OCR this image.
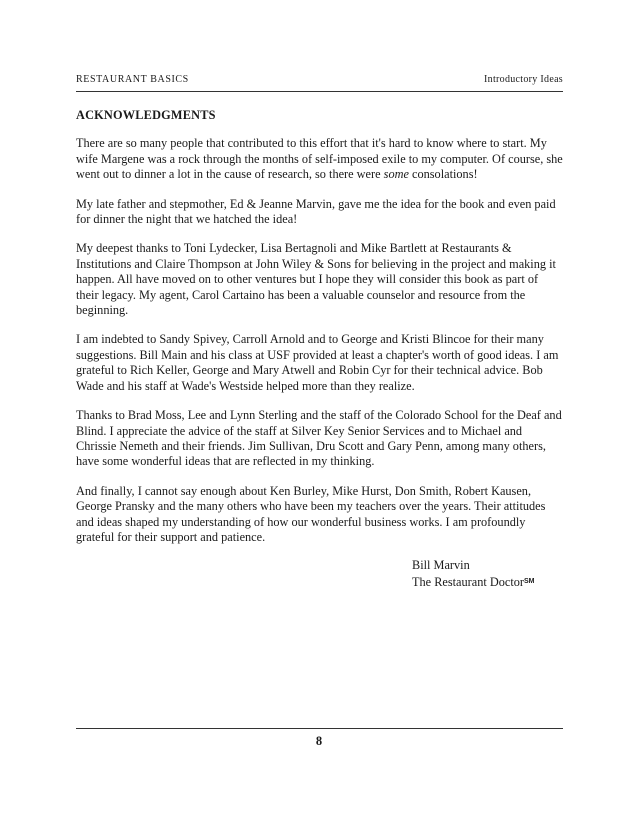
RESTAURANT BASICS	Introductory Ideas
ACKNOWLEDGMENTS

There are so many people that contributed to this effort that it's hard to know where to start. My wife Margene was a rock through the months of self-imposed exile to my computer. Of course, she went out to dinner a lot in the cause of research, so there were some consolations!

My late father and stepmother, Ed & Jeanne Marvin, gave me the idea for the book and even paid for dinner the night that we hatched the idea!

My deepest thanks to Toni Lydecker, Lisa Bertagnoli and Mike Bartlett at Restaurants & Institutions and Claire Thompson at John Wiley & Sons for believing in the project and making it happen. All have moved on to other ventures but I hope they will consider this book as part of their legacy. My agent, Carol Cartaino has been a valuable counselor and resource from the beginning.

I am indebted to Sandy Spivey, Carroll Arnold and to George and Kristi Blincoe for their many suggestions. Bill Main and his class at USF provided at least a chapter's worth of good ideas. I am grateful to Rich Keller, George and Mary Atwell and Robin Cyr for their technical advice. Bob Wade and his staff at Wade's Westside helped more than they realize.

Thanks to Brad Moss, Lee and Lynn Sterling and the staff of the Colorado School for the Deaf and Blind. I appreciate the advice of the staff at Silver Key Senior Services and to Michael and Chrissie Nemeth and their friends. Jim Sullivan, Dru Scott and Gary Penn, among many others, have some wonderful ideas that are reflected in my thinking.

And finally, I cannot say enough about Ken Burley, Mike Hurst, Don Smith, Robert Kausen, George Pransky and the many others who have been my teachers over the years. Their attitudes and ideas shaped my understanding of how our wonderful business works. I am profoundly grateful for their support and patience.

Bill Marvin
The Restaurant Doctor℠
8
